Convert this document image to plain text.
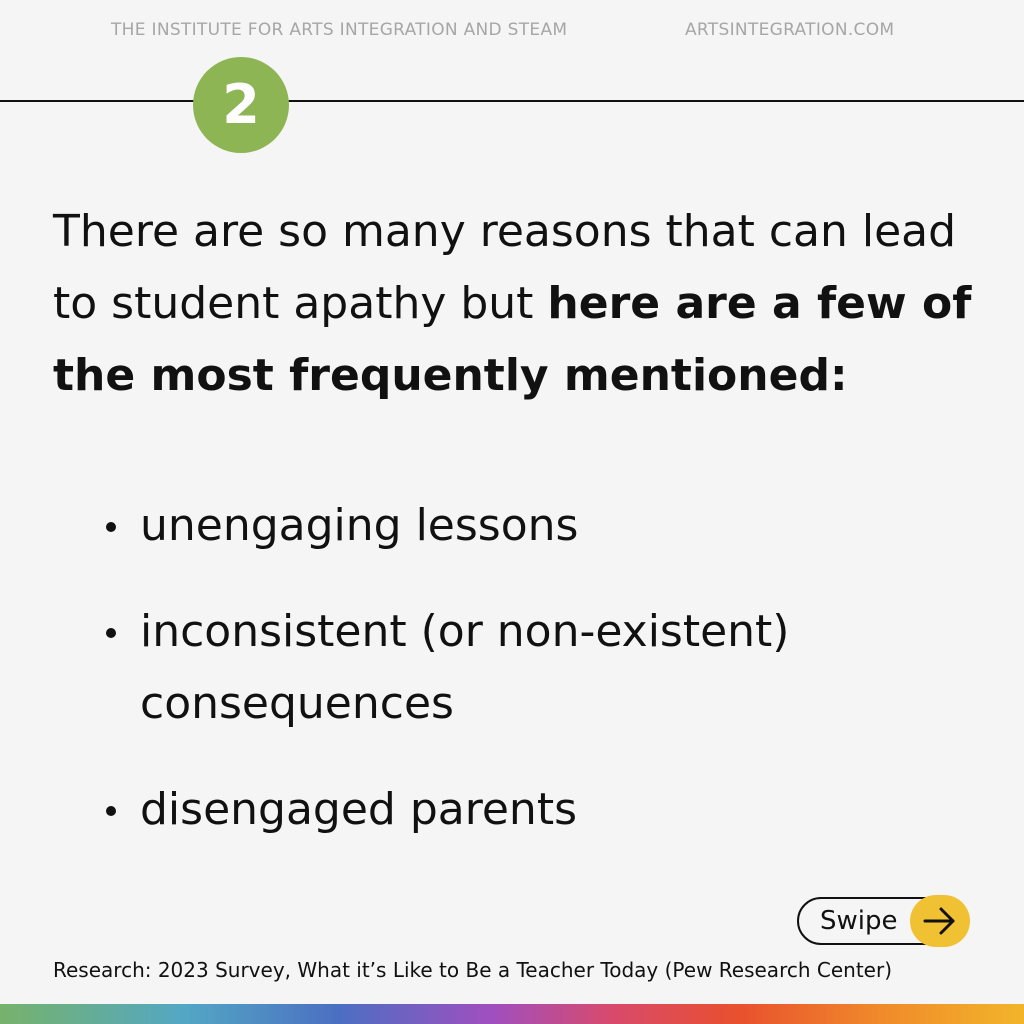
THE INSTITUTE FOR ARTS INTEGRATION AND STEAM	ARTSINTEGRATION.COM
2
There are so many reasons that can lead to student apathy but here are a few of the most frequently mentioned:
unengaging lessons
inconsistent (or non-existent) consequences
disengaged parents
Swipe
Research: 2023 Survey, What it’s Like to Be a Teacher Today (Pew Research Center)
